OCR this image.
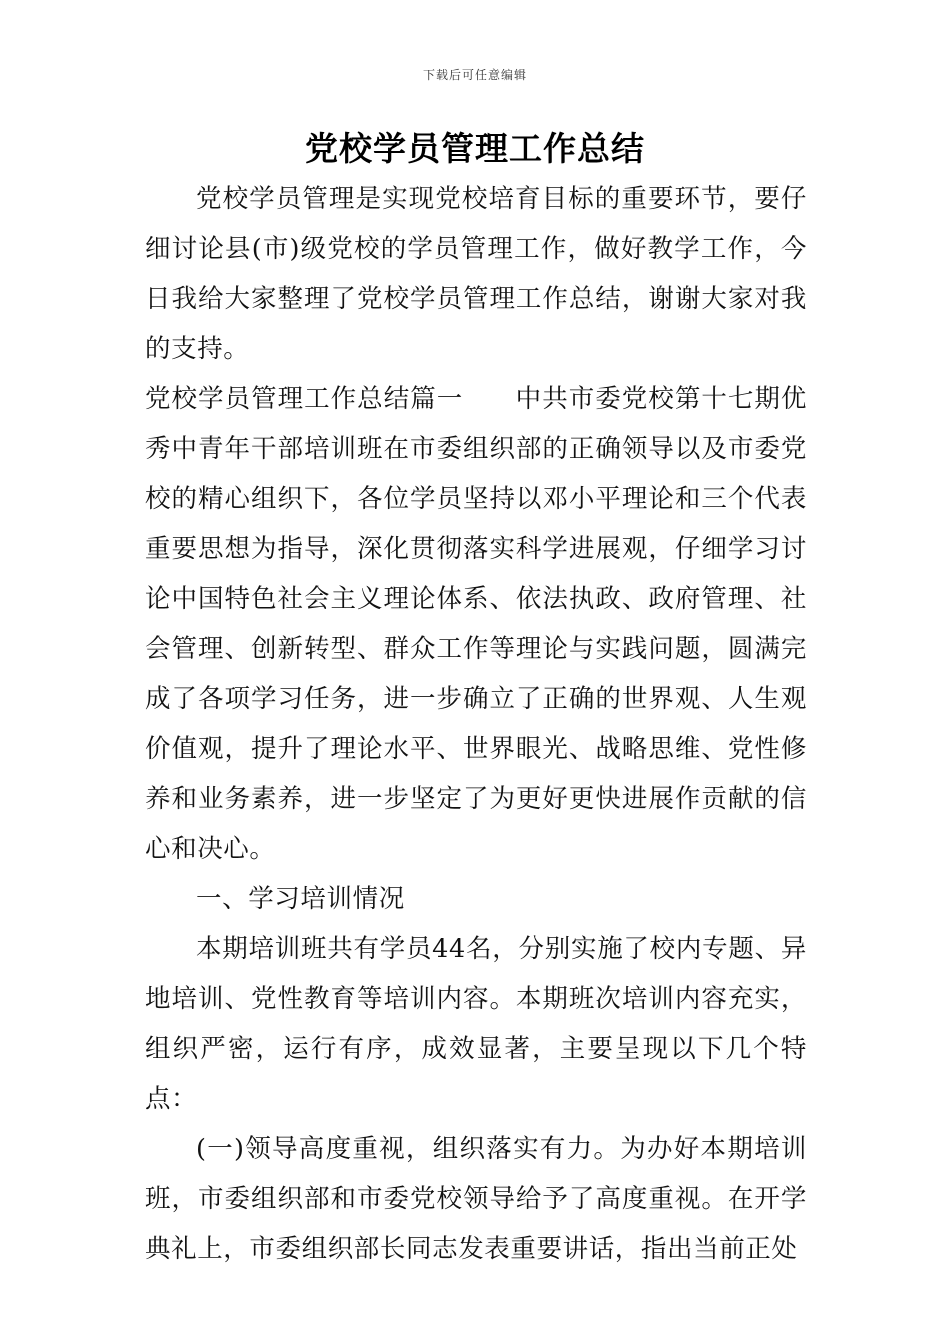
下载后可任意编辑
党校学员管理工作总结

党校学员管理是实现党校培育目标的重要环节，要仔细讨论县(市)级党校的学员管理工作，做好教学工作，今日我给大家整理了党校学员管理工作总结，谢谢大家对我的支持。

党校学员管理工作总结篇一 中共市委党校第十七期优秀中青年干部培训班在市委组织部的正确领导以及市委党校的精心组织下，各位学员坚持以邓小平理论和三个代表重要思想为指导，深化贯彻落实科学进展观，仔细学习讨论中国特色社会主义理论体系、依法执政、政府管理、社会管理、创新转型、群众工作等理论与实践问题，圆满完成了各项学习任务，进一步确立了正确的世界观、人生观价值观，提升了理论水平、世界眼光、战略思维、党性修养和业务素养，进一步坚定了为更好更快进展作贡献的信心和决心。

一、学习培训情况

本期培训班共有学员44名，分别实施了校内专题、异地培训、党性教育等培训内容。本期班次培训内容充实，组织严密，运行有序，成效显著，主要呈现以下几个特点：

(一)领导高度重视，组织落实有力。为办好本期培训班，市委组织部和市委党校领导给予了高度重视。在开学典礼上，市委组织部长同志发表重要讲话，指出当前正处
